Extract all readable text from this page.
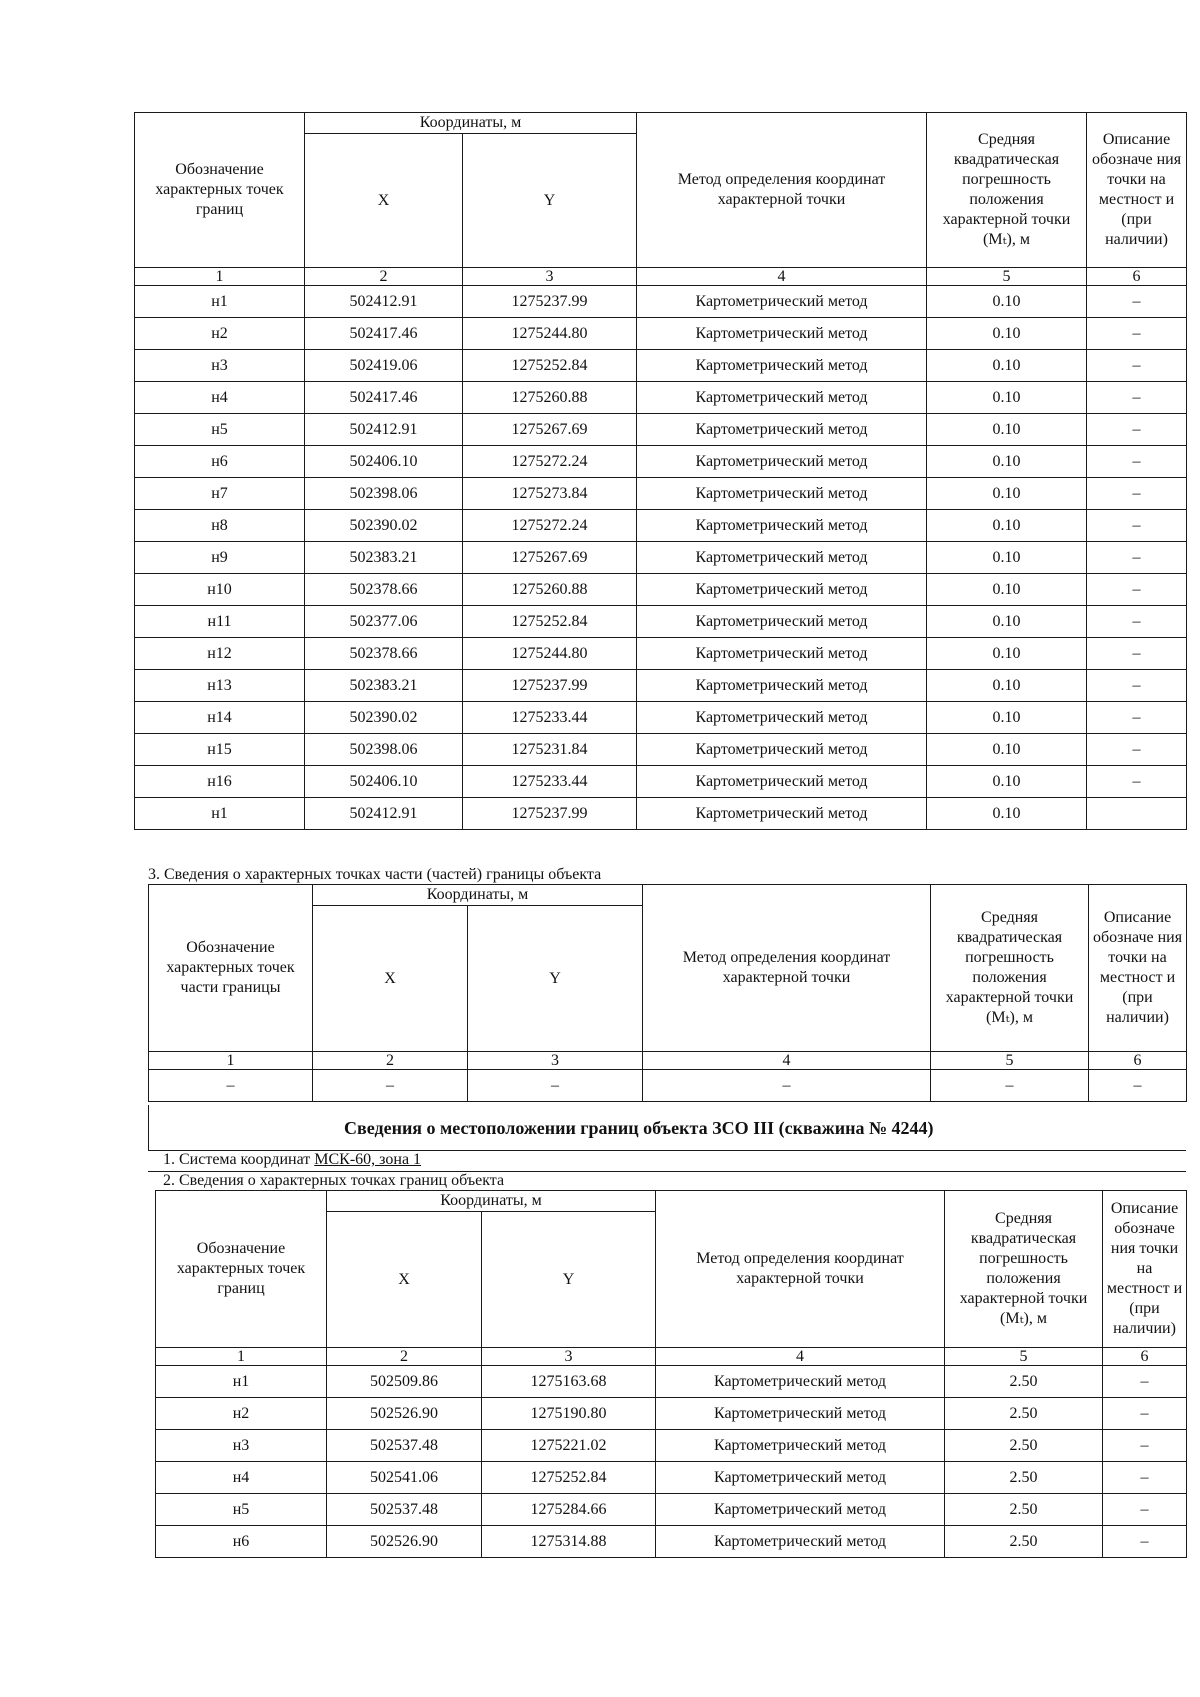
Обозначение характерных точек границ	Координаты, м		Метод определения координат характерной точки	Средняя квадратическая погрешность положения характерной точки (Mₜ), м	Описание обозначе ния точки на местност и (при наличии)
	X	Y			
1	2	3	4	5	6
н1	502412.91	1275237.99	Картометрический метод	0.10	–
н2	502417.46	1275244.80	Картометрический метод	0.10	–
н3	502419.06	1275252.84	Картометрический метод	0.10	–
н4	502417.46	1275260.88	Картометрический метод	0.10	–
н5	502412.91	1275267.69	Картометрический метод	0.10	–
н6	502406.10	1275272.24	Картометрический метод	0.10	–
н7	502398.06	1275273.84	Картометрический метод	0.10	–
н8	502390.02	1275272.24	Картометрический метод	0.10	–
н9	502383.21	1275267.69	Картометрический метод	0.10	–
н10	502378.66	1275260.88	Картометрический метод	0.10	–
н11	502377.06	1275252.84	Картометрический метод	0.10	–
н12	502378.66	1275244.80	Картометрический метод	0.10	–
н13	502383.21	1275237.99	Картометрический метод	0.10	–
н14	502390.02	1275233.44	Картометрический метод	0.10	–
н15	502398.06	1275231.84	Картометрический метод	0.10	–
н16	502406.10	1275233.44	Картометрический метод	0.10	–
н1	502412.91	1275237.99	Картометрический метод	0.10	
3. Сведения о характерных точках части (частей) границы объекта
Обозначение характерных точек части границы	Координаты, м		Метод определения координат характерной точки	Средняя квадратическая погрешность положения характерной точки (Mₜ), м	Описание обозначе ния точки на местност и (при наличии)
	X	Y			
1	2	3	4	5	6
–	–	–	–	–	–
Сведения о местоположении границ объекта ЗСО III (скважина № 4244)
1. Система координат МСК-60, зона 1
2. Сведения о характерных точках границ объекта
Обозначение характерных точек границ	Координаты, м		Метод определения координат характерной точки	Средняя квадратическая погрешность положения характерной точки (Mₜ), м	Описание обозначе ния точки на местност и (при наличии)
	X	Y			
1	2	3	4	5	6
н1	502509.86	1275163.68	Картометрический метод	2.50	–
н2	502526.90	1275190.80	Картометрический метод	2.50	–
н3	502537.48	1275221.02	Картометрический метод	2.50	–
н4	502541.06	1275252.84	Картометрический метод	2.50	–
н5	502537.48	1275284.66	Картометрический метод	2.50	–
н6	502526.90	1275314.88	Картометрический метод	2.50	–
